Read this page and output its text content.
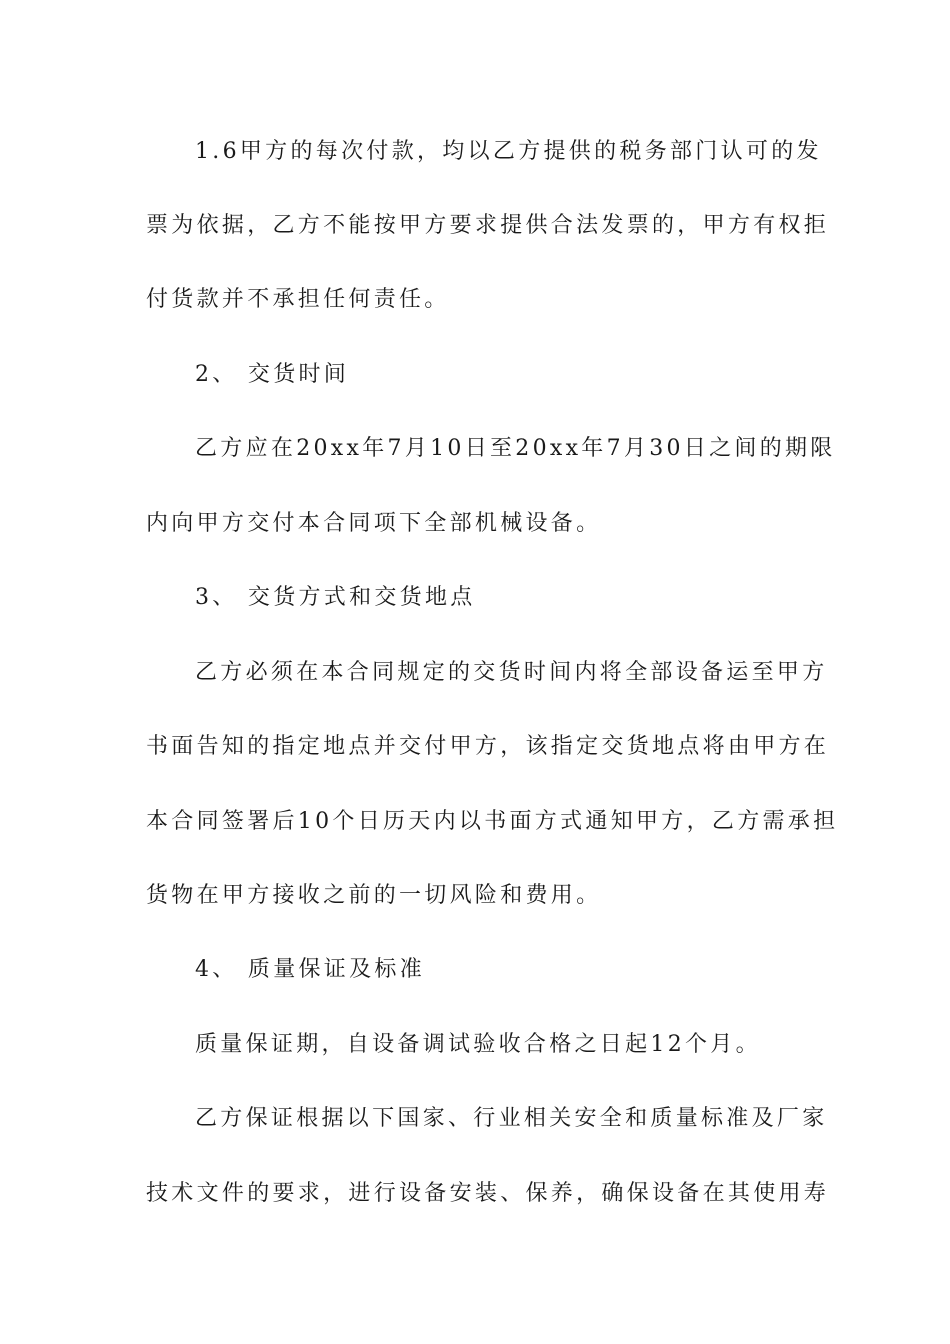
1.6甲方的每次付款，均以乙方提供的税务部门认可的发
票为依据，乙方不能按甲方要求提供合法发票的，甲方有权拒
付货款并不承担任何责任。
2、 交货时间
乙方应在20xx年7月10日至20xx年7月30日之间的期限
内向甲方交付本合同项下全部机械设备。
3、 交货方式和交货地点
乙方必须在本合同规定的交货时间内将全部设备运至甲方
书面告知的指定地点并交付甲方，该指定交货地点将由甲方在
本合同签署后10个日历天内以书面方式通知甲方，乙方需承担
货物在甲方接收之前的一切风险和费用。
4、 质量保证及标准
质量保证期，自设备调试验收合格之日起12个月。
乙方保证根据以下国家、行业相关安全和质量标准及厂家
技术文件的要求，进行设备安装、保养，确保设备在其使用寿
